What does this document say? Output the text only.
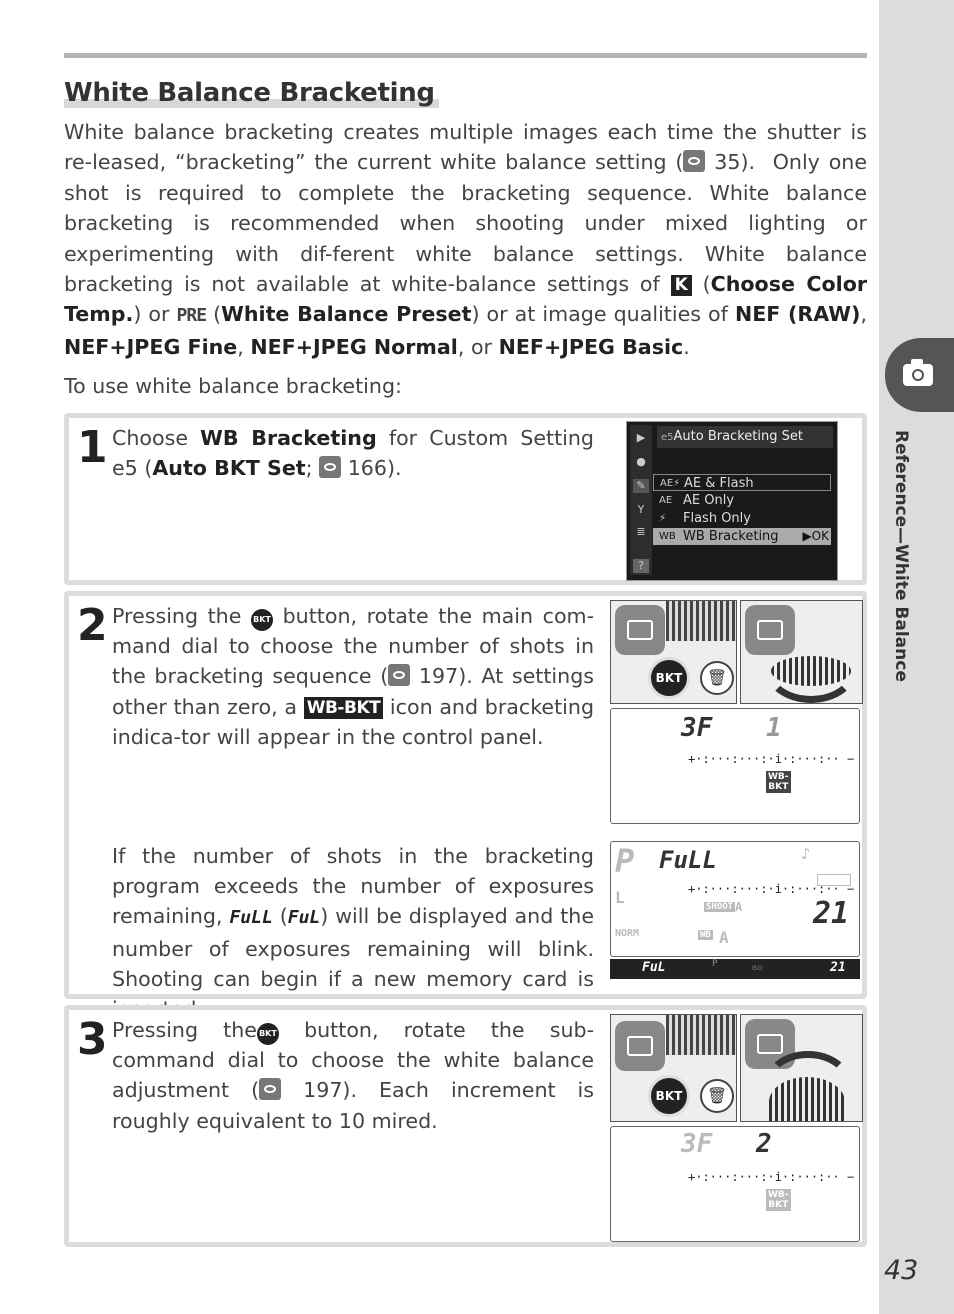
White Balance Bracketing
White balance bracketing creates multiple images each time the shutter is re-leased, “bracketing” the current white balance setting ( 35). Only one shot is required to complete the bracketing sequence. White balance bracketing is recommended when shooting under mixed lighting or experimenting with dif-ferent white balance settings. White balance bracketing is not available at white-balance settings of K (Choose Color Temp.) or PRE (White Balance Preset) or at image qualities of NEF (RAW), NEF+JPEG Fine, NEF+JPEG Normal, or NEF+JPEG Basic.
To use white balance bracketing:
1 Choose WB Bracketing for Custom Setting e5 (Auto BKT Set;  166).
▶
●
✎
Y
≣
?
e5Auto Bracketing Set
AE⚡ AE & Flash
AE AE Only
⚡ Flash Only
WB WB Bracketing ▶OK
2 Pressing the BKT button, rotate the main com-mand dial to choose the number of shots in the bracketing sequence ( 197). At settings other than zero, a WB-BKT icon and bracketing indica-tor will appear in the control panel.
BKT	🗑
3F 1
+·:···:···:·i̇·:···:·· −
WB-
BKT
If the number of shots in the bracketing program exceeds the number of exposures remaining, FuLL (FuL) will be displayed and the number of exposures remaining will blink. Shooting can begin if a new memory card is
P FuLL	♪
+·:···:···:·i̇·:···:·· −
L	SHOOT A
NORM	WB A
21
P
FuL	ISO	21
3 Pressing the BKT button, rotate the sub-command dial to choose the white balance adjustment ( 197). Each increment is roughly equivalent to 10 mired.
BKT	🗑
3F 2
+·:···:···:·i̇·:···:·· −
WB-
BKT
Reference—White Balance
43
